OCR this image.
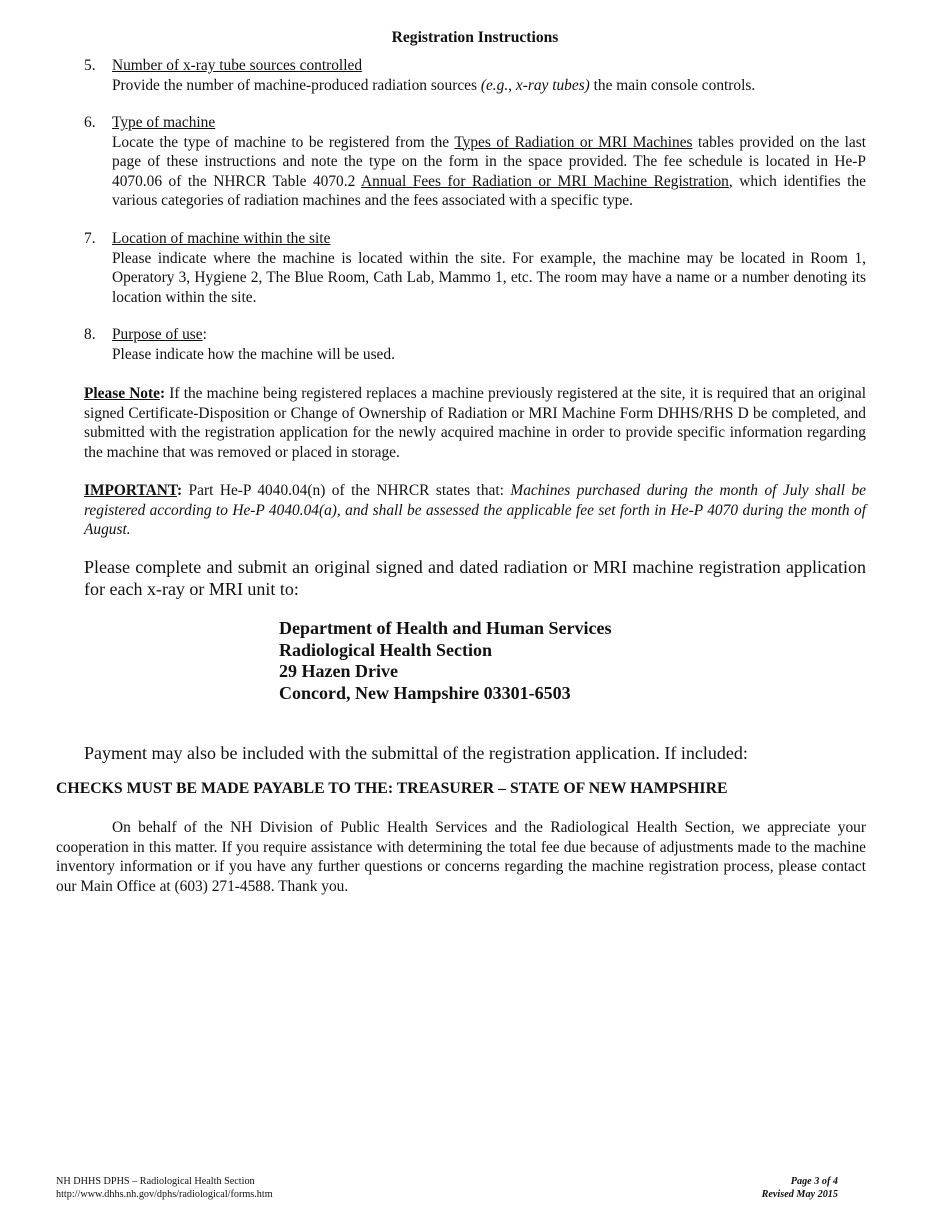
Registration Instructions
5.	Number of x-ray tube sources controlled
Provide the number of machine-produced radiation sources (e.g., x-ray tubes) the main console controls.
6.	Type of machine
Locate the type of machine to be registered from the Types of Radiation or MRI Machines tables provided on the last page of these instructions and note the type on the form in the space provided. The fee schedule is located in He-P 4070.06 of the NHRCR Table 4070.2 Annual Fees for Radiation or MRI Machine Registration, which identifies the various categories of radiation machines and the fees associated with a specific type.
7.	Location of machine within the site
Please indicate where the machine is located within the site. For example, the machine may be located in Room 1, Operatory 3, Hygiene 2, The Blue Room, Cath Lab, Mammo 1, etc. The room may have a name or a number denoting its location within the site.
8.	Purpose of use:
Please indicate how the machine will be used.
Please Note: If the machine being registered replaces a machine previously registered at the site, it is required that an original signed Certificate-Disposition or Change of Ownership of Radiation or MRI Machine Form DHHS/RHS D be completed, and submitted with the registration application for the newly acquired machine in order to provide specific information regarding the machine that was removed or placed in storage.
IMPORTANT: Part He-P 4040.04(n) of the NHRCR states that: Machines purchased during the month of July shall be registered according to He-P 4040.04(a), and shall be assessed the applicable fee set forth in He-P 4070 during the month of August.
Please complete and submit an original signed and dated radiation or MRI machine registration application for each x-ray or MRI unit to:
Department of Health and Human Services
Radiological Health Section
29 Hazen Drive
Concord, New Hampshire 03301-6503
Payment may also be included with the submittal of the registration application. If included:
CHECKS MUST BE MADE PAYABLE TO THE: TREASURER – STATE OF NEW HAMPSHIRE
On behalf of the NH Division of Public Health Services and the Radiological Health Section, we appreciate your cooperation in this matter. If you require assistance with determining the total fee due because of adjustments made to the machine inventory information or if you have any further questions or concerns regarding the machine registration process, please contact our Main Office at (603) 271-4588. Thank you.
NH DHHS DPHS – Radiological Health Section
http://www.dhhs.nh.gov/dphs/radiological/forms.htm
Page 3 of 4
Revised May 2015
